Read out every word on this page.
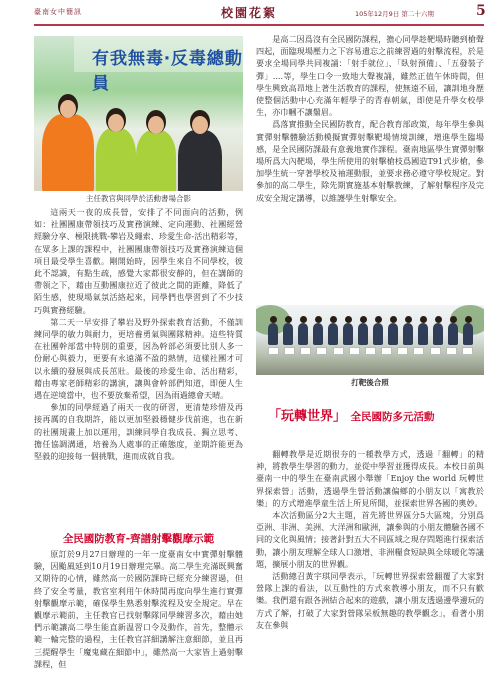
臺南女中簡訊	校園花絮	105年12月9日 第二十六期	5
有我無毒‧反毒總動員
主任教官與同學於活動書場合影

這兩天一夜的成長營，安排了不同面向的活動，例如：社團團康帶領技巧及實務演練、定向運動、社團經營經驗分享、極限挑戰-攀岩及繩索、珍愛生命-活出精彩等，在眾多上課的課程中，社團團康帶領技巧及實務演練這個項目最受學生喜歡。剛開始時，因學生來自不同學校，彼此不認識，有點生疏，感覺大家都很安靜的，但在講師的帶領之下，藉由互動團康拉近了彼此之間的距離，降低了陌生感，使現場氣氛活絡起來，同學們也學習到了不少技巧與實務經驗。

第二天一早安排了攀岩及野外探索教育活動，不僅訓練同學的敏力與耐力，更培養勇氣與團隊精神。這些特質在社團幹部當中特別的重要，因為幹部必須要比別人多一份耐心與毅力，更要有永遠滿不盈的熱情，這樣社團才可以永續的發展與成長茁壯。最後的珍愛生命、活出精彩，藉由專家老師精彩的講演，讓與會幹部們知道，即便人生遇在逆境當中，也不要放棄希望，因為雨過總會天晴。

參加的同學經過了兩天一夜的研習，更清楚珍惜及再接再厲的自我期許，能以更加堅毅穩健步伐前進，也在新的社團規畫上加以運用，訓練同學自我成長、獨立思考、擔任協調溝通，培養為人處事的正確態度，並期許能更為堅毅的迎接每一個挑戰，進而成就自我。

全民國防教育-齊譜射擊觀摩示範

原訂於9月27日辦理的一年一度臺南女中實彈射擊體驗，因颱風延到10月19日辦理完畢。高二學生充滿既興奮又期待的心情，雖然高一於國防課時已經充分練習過，但終了安全考量，教官室利用午休時間再度向學生進行實彈射擊觀摩示範，確保學生熟悉射擊流程及安全規定。早在觀摩示範前，主任教官已找射擊隊同學練習多次，藉由她們示範讓高二學生能直新温習口令及動作，首先，整體示範一輪完整的過程，主任教官詳細講解注意細節，並且再三提醒學生「魔鬼藏在細節中」，雖然高一大家皆上過射擊課程，但

是高二因爲沒有全民國防課程，擔心同學趁靶場時聽到槍聲四起，面臨現場壓力之下容易遺忘之前練習過的射擊流程，於是要求全場同學共同複誦：「射手就位」、「臥射預備」、「五發裝子彈」....等，學生口令一致地大聲複誦，雖然正值午休時間，但學生興致高昂地上著生活教育的課程，使無遠不屆，讓訓地身歷使整個活動中心充滿年輕學子的青春朝氣，即使是升學女校學生，亦巾幗不讓鬚眉。

爲落實推動全民國防教育，配合教育部政策，每年學生參與實彈射擊體驗活動模擬實彈射擊靶場情境訓練，增進學生臨場感，是全民國防課最有意義地實作課程。臺南地區學生實彈射擊場所爲大內靶場，學生所使用的射擊槍枝爲國造T91式步槍，參加學生統一穿著學校及袖運動服，並要求務必遵守學校規定。對參加的高二學生，除先期實施基本射擊教練，了解射擊程序及完成安全規定講導，以維護學生射擊安全。

打靶後合照
「玩轉世界」 全民國防多元活動

翻轉教學是近期很夯的一種教學方式，透過「翻轉」的精神，將教學生學習的動力，並從中學習並獲得成長。本校日前與臺南一中的學生在臺南武國小舉辦「Enjoy the world 玩轉世界探索營」活動，透過學生營活動讓偏鄉的小朋友以「寓教於樂」的方式增進學童生活上所見所聞，並探索世界各國的奧妙。

本次活動區分2大主題，首先將世界區分5大區塊，分別爲亞洲、非洲、美洲、大洋洲和歐洲，讓參與的小朋友體驗各國不同的文化與風情；接著針對五大不同區域之現存問題進行探索活動，讓小朋友理解全球人口激增、非洲糧食短缺與全球暖化等議題，擴展小朋友的世界觀。

活動總召黃宇琪同學表示，「玩轉世界探索營翻覆了大家對營隊上課的看法，以互動性的方式來教導小朋友，而不只有歡樂。我們還有跟各洲結合起來的遊戲，讓小朋友透過邊學邊玩的方式了解，打破了大家對營隊呆板無趣的教學觀念」，看著小朋友在參與
